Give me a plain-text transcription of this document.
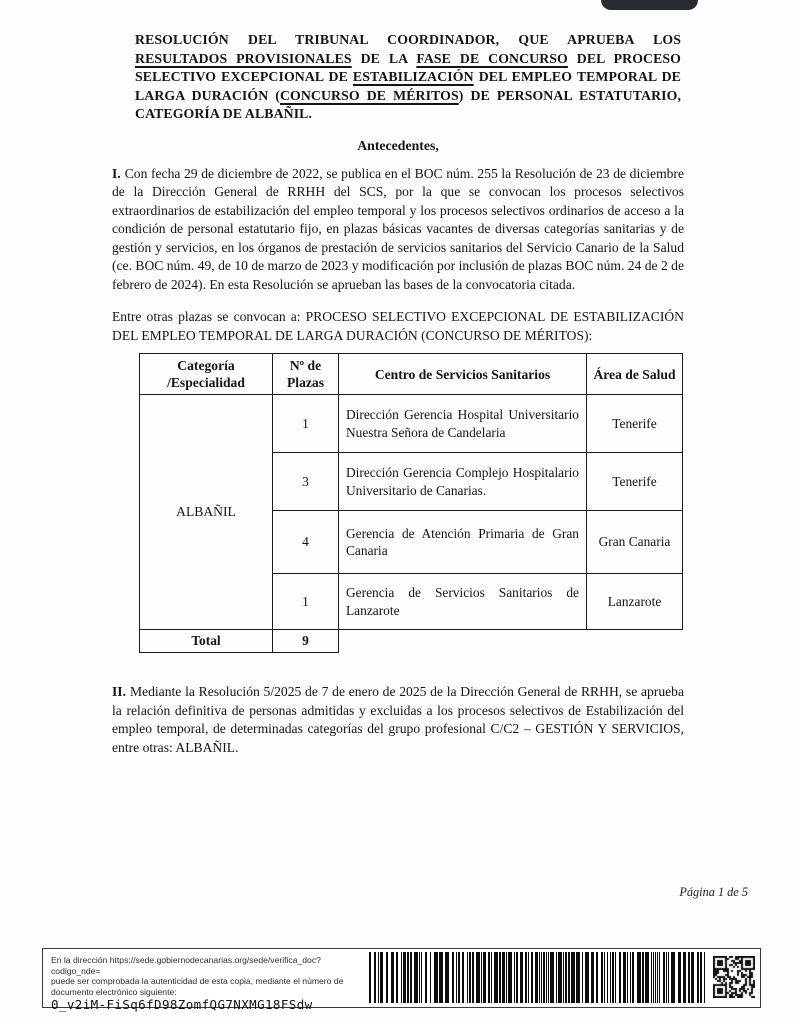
RESOLUCIÓN DEL TRIBUNAL COORDINADOR, QUE APRUEBA LOS RESULTADOS PROVISIONALES DE LA FASE DE CONCURSO DEL PROCESO SELECTIVO EXCEPCIONAL DE ESTABILIZACIÓN DEL EMPLEO TEMPORAL DE LARGA DURACIÓN (CONCURSO DE MÉRITOS) DE PERSONAL ESTATUTARIO, CATEGORÍA DE ALBAÑIL.

Antecedentes,

I. Con fecha 29 de diciembre de 2022, se publica en el BOC núm. 255 la Resolución de 23 de diciembre de la Dirección General de RRHH del SCS, por la que se convocan los procesos selectivos extraordinarios de estabilización del empleo temporal y los procesos selectivos ordinarios de acceso a la condición de personal estatutario fijo, en plazas básicas vacantes de diversas categorías sanitarias y de gestión y servicios, en los órganos de prestación de servicios sanitarios del Servicio Canario de la Salud (ce. BOC núm. 49, de 10 de marzo de 2023 y modificación por inclusión de plazas BOC núm. 24 de 2 de febrero de 2024). En esta Resolución se aprueban las bases de la convocatoria citada.

Entre otras plazas se convocan a: PROCESO SELECTIVO EXCEPCIONAL DE ESTABILIZACIÓN DEL EMPLEO TEMPORAL DE LARGA DURACIÓN (CONCURSO DE MÉRITOS):

Categoría /Especialidad	Nº de Plazas	Centro de Servicios Sanitarios	Área de Salud
ALBAÑIL	1	Dirección Gerencia Hospital Universitario Nuestra Señora de Candelaria	Tenerife
	3	Dirección Gerencia Complejo Hospitalario Universitario de Canarias.	Tenerife
	4	Gerencia de Atención Primaria de Gran Canaria	Gran Canaria
	1	Gerencia de Servicios Sanitarios de Lanzarote	Lanzarote
Total	9		

II. Mediante la Resolución 5/2025 de 7 de enero de 2025 de la Dirección General de RRHH, se aprueba la relación definitiva de personas admitidas y excluidas a los procesos selectivos de Estabilización del empleo temporal, de determinadas categorías del grupo profesional C/C2 – GESTIÓN Y SERVICIOS, entre otras: ALBAÑIL.

Página 1 de 5

En la dirección https://sede.gobiernodecanarias.org/sede/verifica_doc?codigo_nde=
puede ser comprobada la autenticidad de esta copia, mediante el número de
documento electrónico siguiente:
0_v2iM-FiSq6fD98ZomfQG7NXMG18FSdw
